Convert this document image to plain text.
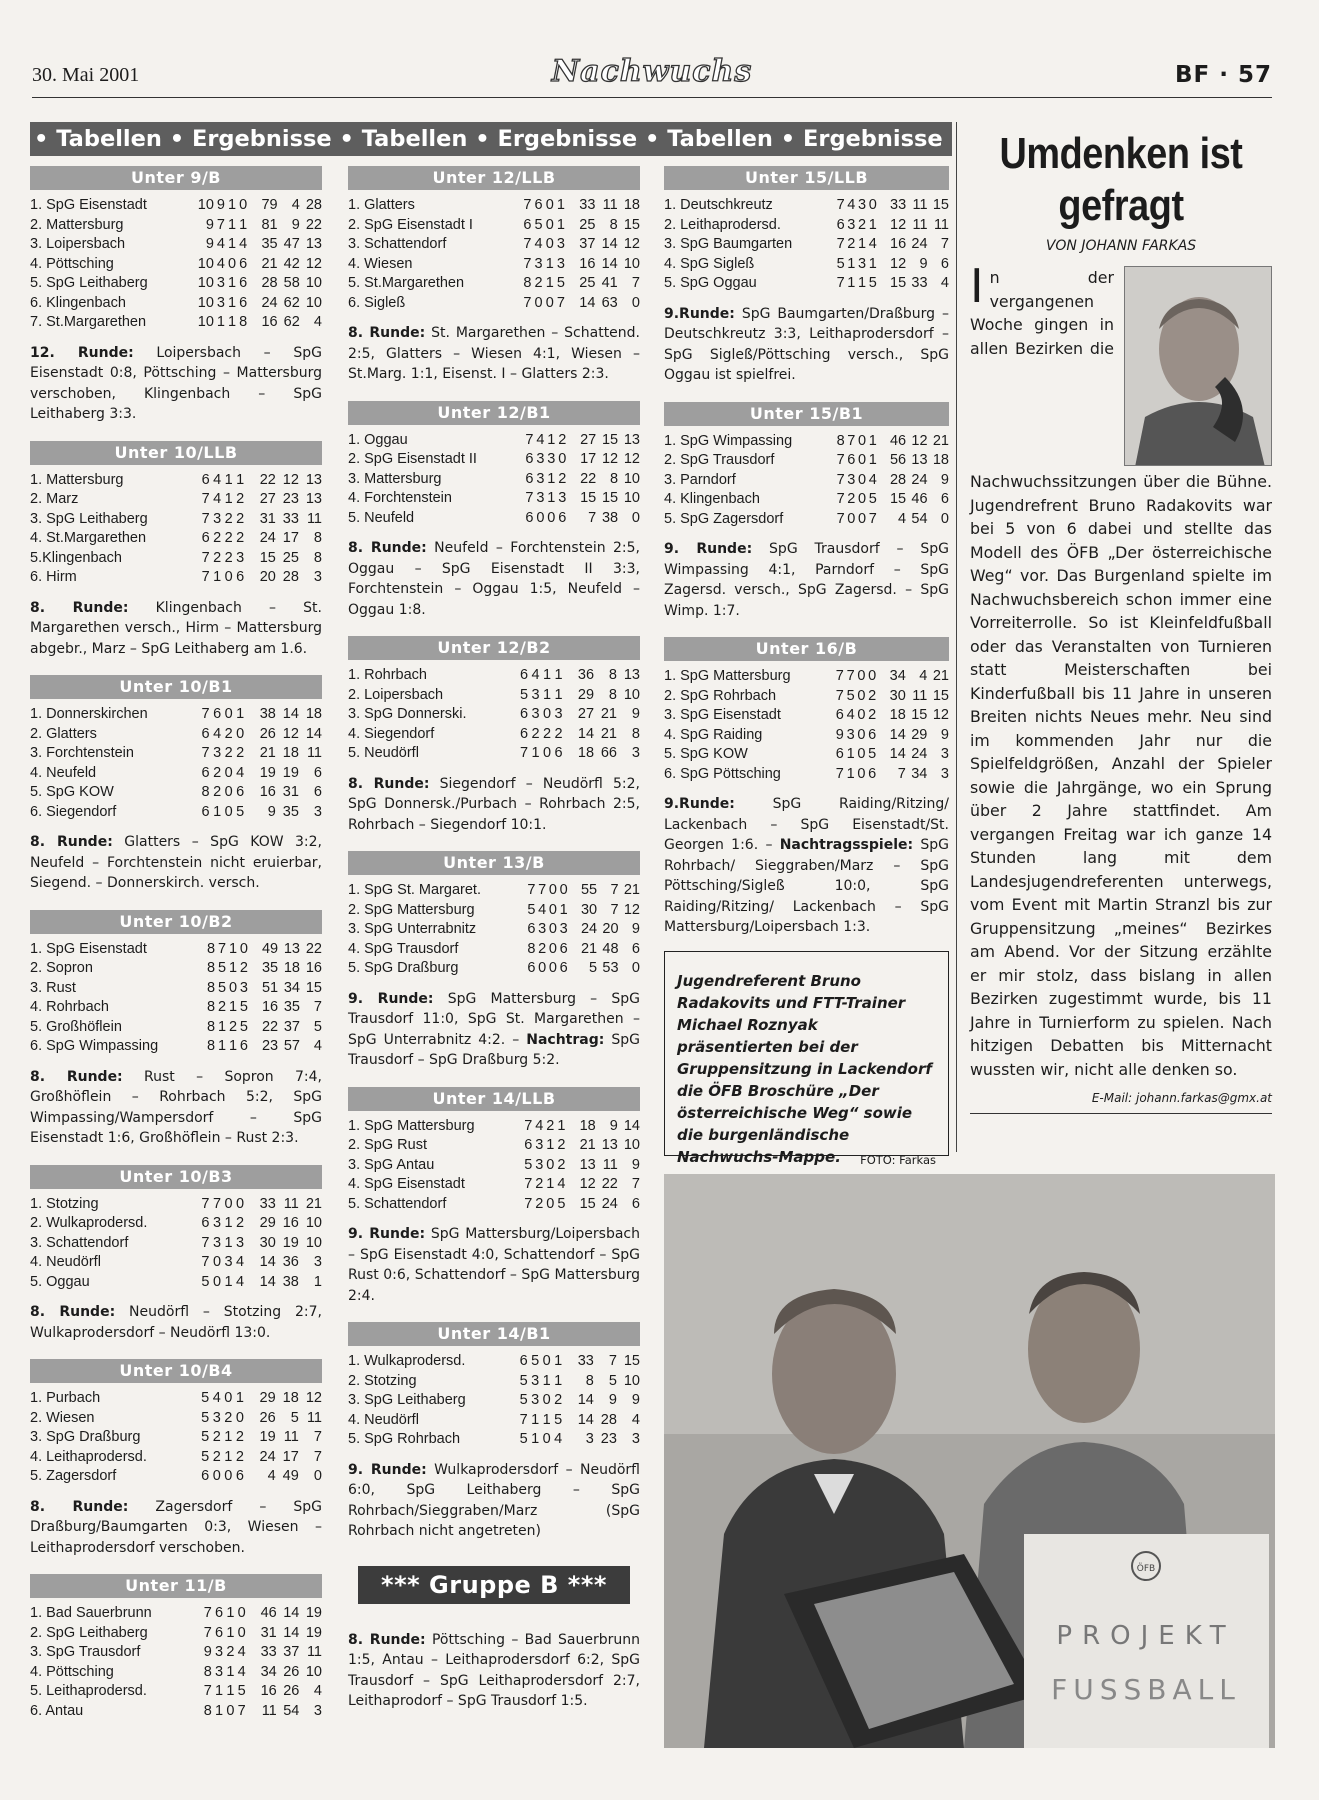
30. Mai 2001	Nachwuchs	BF · 57
• Tabellen • Ergebnisse • Tabellen • Ergebnisse • Tabellen • Ergebnisse
Unter 9/B
1. SpG Eisenstadt	10	9	1	0	79	4	28
2. Mattersburg	9	7	1	1	81	9	22
3. Loipersbach	9	4	1	4	35	47	13
4. Pöttsching	10	4	0	6	21	42	12
5. SpG Leithaberg	10	3	1	6	28	58	10
6. Klingenbach	10	3	1	6	24	62	10
7. St.Margarethen	10	1	1	8	16	62	4
12. Runde: Loipersbach – SpG Eisenstadt 0:8, Pöttsching – Mattersburg verschoben, Klingenbach – SpG Leithaberg 3:3.
Unter 10/LLB
1. Mattersburg		6	4	1	1	22	12	13
2. Marz		7	4	1	2	27	23	13
3. SpG Leithaberg		7	3	2	2	31	33	11
4. St.Margarethen		6	2	2	2	24	17	8
5.Klingenbach		7	2	2	3	15	25	8
6. Hirm		7	1	0	6	20	28	3
8. Runde: Klingenbach – St. Margarethen versch., Hirm – Mattersburg abgebr., Marz – SpG Leithaberg am 1.6.
Unter 10/B1
1. Donnerskirchen	7	6	0	1	38	14	18
2. Glatters	6	4	2	0	26	12	14
3. Forchtenstein	7	3	2	2	21	18	11
4. Neufeld	6	2	0	4	19	19	6
5. SpG KOW	8	2	0	6	16	31	6
6. Siegendorf	6	1	0	5	9	35	3
8. Runde: Glatters – SpG KOW 3:2, Neufeld – Forchtenstein nicht eruierbar, Siegend. – Donnerskirch. versch.
Unter 10/B2
1. SpG Eisenstadt	8	7	1	0	49	13	22
2. Sopron	8	5	1	2	35	18	16
3. Rust	8	5	0	3	51	34	15
4. Rohrbach	8	2	1	5	16	35	7
5. Großhöflein	8	1	2	5	22	37	5
6. SpG Wimpassing	8	1	1	6	23	57	4
8. Runde: Rust – Sopron 7:4, Großhöflein – Rohrbach 5:2, SpG Wimpassing/Wampersdorf – SpG Eisenstadt 1:6, Großhöflein – Rust 2:3.
Unter 10/B3
1. Stotzing	7	7	0	0	33	11	21
2. Wulkaprodersd.	6	3	1	2	29	16	10
3. Schattendorf	7	3	1	3	30	19	10
4. Neudörfl	7	0	3	4	14	36	3
5. Oggau	5	0	1	4	14	38	1
8. Runde: Neudörfl – Stotzing 2:7, Wulkaprodersdorf – Neudörfl 13:0.
Unter 10/B4
1. Purbach	5	4	0	1	29	18	12
2. Wiesen	5	3	2	0	26	5	11
3. SpG Draßburg	5	2	1	2	19	11	7
4. Leithaprodersd.	5	2	1	2	24	17	7
5. Zagersdorf	6	0	0	6	4	49	0
8. Runde: Zagersdorf – SpG Draßburg/Baumgarten 0:3, Wiesen – Leithaprodersdorf verschoben.
Unter 11/B
1. Bad Sauerbrunn	7	6	1	0	46	14	19
2. SpG Leithaberg	7	6	1	0	31	14	19
3. SpG Trausdorf	9	3	2	4	33	37	11
4. Pöttsching	8	3	1	4	34	26	10
5. Leithaprodersd.	7	1	1	5	16	26	4
6. Antau	8	1	0	7	11	54	3
Unter 12/LLB
1. Glatters	7	6	0	1	33	11	18
2. SpG Eisenstadt I	6	5	0	1	25	8	15
3. Schattendorf	7	4	0	3	37	14	12
4. Wiesen	7	3	1	3	16	14	10
5. St.Margarethen	8	2	1	5	25	41	7
6. Sigleß	7	0	0	7	14	63	0
8. Runde: St. Margarethen – Schattend. 2:5, Glatters – Wiesen 4:1, Wiesen – St.Marg. 1:1, Eisenst. I – Glatters 2:3.
Unter 12/B1
1. Oggau	7	4	1	2	27	15	13
2. SpG Eisenstadt II	6	3	3	0	17	12	12
3. Mattersburg	6	3	1	2	22	8	10
4. Forchtenstein	7	3	1	3	15	15	10
5. Neufeld	6	0	0	6	7	38	0
8. Runde: Neufeld – Forchtenstein 2:5, Oggau – SpG Eisenstadt II 3:3, Forchtenstein – Oggau 1:5, Neufeld – Oggau 1:8.
Unter 12/B2
1. Rohrbach	6	4	1	1	36	8	13
2. Loipersbach	5	3	1	1	29	8	10
3. SpG Donnerski.	6	3	0	3	27	21	9
4. Siegendorf	6	2	2	2	14	21	8
5. Neudörfl	7	1	0	6	18	66	3
8. Runde: Siegendorf – Neudörfl 5:2, SpG Donnersk./Purbach – Rohrbach 2:5, Rohrbach – Siegendorf 10:1.
Unter 13/B
1. SpG St. Margaret.	7	7	0	0	55	7	21
2. SpG Mattersburg	5	4	0	1	30	7	12
3. SpG Unterrabnitz	6	3	0	3	24	20	9
4. SpG Trausdorf	8	2	0	6	21	48	6
5. SpG Draßburg	6	0	0	6	5	53	0
9. Runde: SpG Mattersburg – SpG Trausdorf 11:0, SpG St. Margarethen – SpG Unterrabnitz 4:2. – Nachtrag: SpG Trausdorf – SpG Draßburg 5:2.
Unter 14/LLB
1. SpG Mattersburg	7	4	2	1	18	9	14
2. SpG Rust	6	3	1	2	21	13	10
3. SpG Antau	5	3	0	2	13	11	9
4. SpG Eisenstadt	7	2	1	4	12	22	7
5. Schattendorf	7	2	0	5	15	24	6
9. Runde: SpG Mattersburg/Loipersbach – SpG Eisenstadt 4:0, Schattendorf – SpG Rust 0:6, Schattendorf – SpG Mattersburg 2:4.
Unter 14/B1
1. Wulkaprodersd.	6	5	0	1	33	7	15
2. Stotzing	5	3	1	1	8	5	10
3. SpG Leithaberg	5	3	0	2	14	9	9
4. Neudörfl	7	1	1	5	14	28	4
5. SpG Rohrbach	5	1	0	4	3	23	3
9. Runde: Wulkaprodersdorf – Neudörfl 6:0, SpG Leithaberg – SpG Rohrbach/Sieggraben/Marz (SpG Rohrbach nicht angetreten)
*** Gruppe B ***
8. Runde: Pöttsching – Bad Sauerbrunn 1:5, Antau – Leithaprodersdorf 6:2, SpG Trausdorf – SpG Leithaprodersdorf 2:7, Leithaprodorf – SpG Trausdorf 1:5.
Unter 15/LLB
1. Deutschkreutz	7	4	3	0	33	11	15
2. Leithaprodersd.	6	3	2	1	12	11	11
3. SpG Baumgarten	7	2	1	4	16	24	7
4. SpG Sigleß	5	1	3	1	12	9	6
5. SpG Oggau	7	1	1	5	15	33	4
9.Runde: SpG Baumgarten/Draßburg – Deutschkreutz 3:3, Leithaprodersdorf – SpG Sigleß/Pöttsching versch., SpG Oggau ist spielfrei.
Unter 15/B1
1. SpG Wimpassing	8	7	0	1	46	12	21
2. SpG Trausdorf	7	6	0	1	56	13	18
3. Parndorf	7	3	0	4	28	24	9
4. Klingenbach	7	2	0	5	15	46	6
5. SpG Zagersdorf	7	0	0	7	4	54	0
9. Runde: SpG Trausdorf – SpG Wimpassing 4:1, Parndorf – SpG Zagersd. versch., SpG Zagersd. – SpG Wimp. 1:7.
Unter 16/B
1. SpG Mattersburg	7	7	0	0	34	4	21
2. SpG Rohrbach	7	5	0	2	30	11	15
3. SpG Eisenstadt	6	4	0	2	18	15	12
4. SpG Raiding	9	3	0	6	14	29	9
5. SpG KOW	6	1	0	5	14	24	3
6. SpG Pöttsching	7	1	0	6	7	34	3
9.Runde: SpG Raiding/Ritzing/ Lackenbach – SpG Eisenstadt/St. Georgen 1:6. – Nachtragsspiele: SpG Rohrbach/ Sieggraben/Marz – SpG Pöttsching/Sigleß 10:0, SpG Raiding/Ritzing/ Lackenbach – SpG Mattersburg/Loipersbach 1:3.
Jugendreferent Bruno Radakovits und FTT-Trainer Michael Roznyak präsentierten bei der Gruppensitzung in Lackendorf die ÖFB Broschüre „Der österreichische Weg“ sowie die burgenländische Nachwuchs-Mappe. FOTO: Farkas
ÖFB
PROJEKT
FUSSBALL
Umdenken ist gefragt
VON JOHANN FARKAS
In der vergangenen Woche gingen in allen Bezirken die Nachwuchssitzungen über die Bühne. Jugendrefrent Bruno Radakovits war bei 5 von 6 dabei und stellte das Modell des ÖFB „Der österreichische Weg“ vor. Das Burgenland spielte im Nachwuchsbereich schon immer eine Vorreiterrolle. So ist Kleinfeldfußball oder das Veranstalten von Turnieren statt Meisterschaften bei Kinderfußball bis 11 Jahre in unseren Breiten nichts Neues mehr. Neu sind im kommenden Jahr nur die Spielfeldgrößen, Anzahl der Spieler sowie die Jahrgänge, wo ein Sprung über 2 Jahre stattfindet. Am vergangen Freitag war ich ganze 14 Stunden lang mit dem Landesjugendreferenten unterwegs, vom Event mit Martin Stranzl bis zur Gruppensitzung „meines“ Bezirkes am Abend. Vor der Sitzung erzählte er mir stolz, dass bislang in allen Bezirken zugestimmt wurde, bis 11 Jahre in Turnierform zu spielen. Nach hitzigen Debatten bis Mitternacht wussten wir, nicht alle denken so.
E-Mail: johann.farkas@gmx.at
